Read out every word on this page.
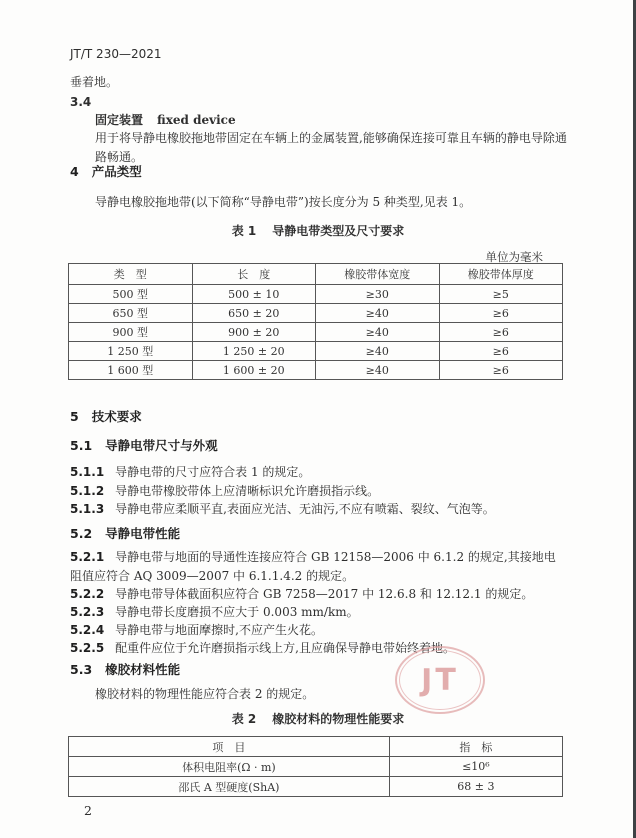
JT/T 230—2021
垂着地。
3.4
固定装置 fixed device
用于将导静电橡胶拖地带固定在车辆上的金属装置,能够确保连接可靠且车辆的静电导除通路畅通。
4 产品类型
导静电橡胶拖地带(以下简称“导静电带”)按长度分为 5 种类型,见表 1。
表 1 导静电带类型及尺寸要求
单位为毫米
类　型	长　度	橡胶带体宽度	橡胶带体厚度
500 型	500 ± 10	≥30	≥5
650 型	650 ± 20	≥40	≥6
900 型	900 ± 20	≥40	≥6
1 250 型	1 250 ± 20	≥40	≥6
1 600 型	1 600 ± 20	≥40	≥6
5 技术要求
5.1 导静电带尺寸与外观
5.1.1 导静电带的尺寸应符合表 1 的规定。
5.1.2 导静电带橡胶带体上应清晰标识允许磨损指示线。
5.1.3 导静电带应柔顺平直,表面应光洁、无油污,不应有喷霜、裂纹、气泡等。
5.2 导静电带性能
5.2.1 导静电带与地面的导通性连接应符合 GB 12158—2006 中 6.1.2 的规定,其接地电阻值应符合 AQ 3009—2007 中 6.1.1.4.2 的规定。
5.2.2 导静电带导体截面积应符合 GB 7258—2017 中 12.6.8 和 12.12.1 的规定。
5.2.3 导静电带长度磨损不应大于 0.003 mm/km。
5.2.4 导静电带与地面摩擦时,不应产生火花。
5.2.5 配重件应位于允许磨损指示线上方,且应确保导静电带始终着地。
5.3 橡胶材料性能
橡胶材料的物理性能应符合表 2 的规定。
表 2 橡胶材料的物理性能要求
项　目	指　标
体积电阻率(Ω · m)	≤10⁶
邵氏 A 型硬度(ShA)	68 ± 3
JT
2
